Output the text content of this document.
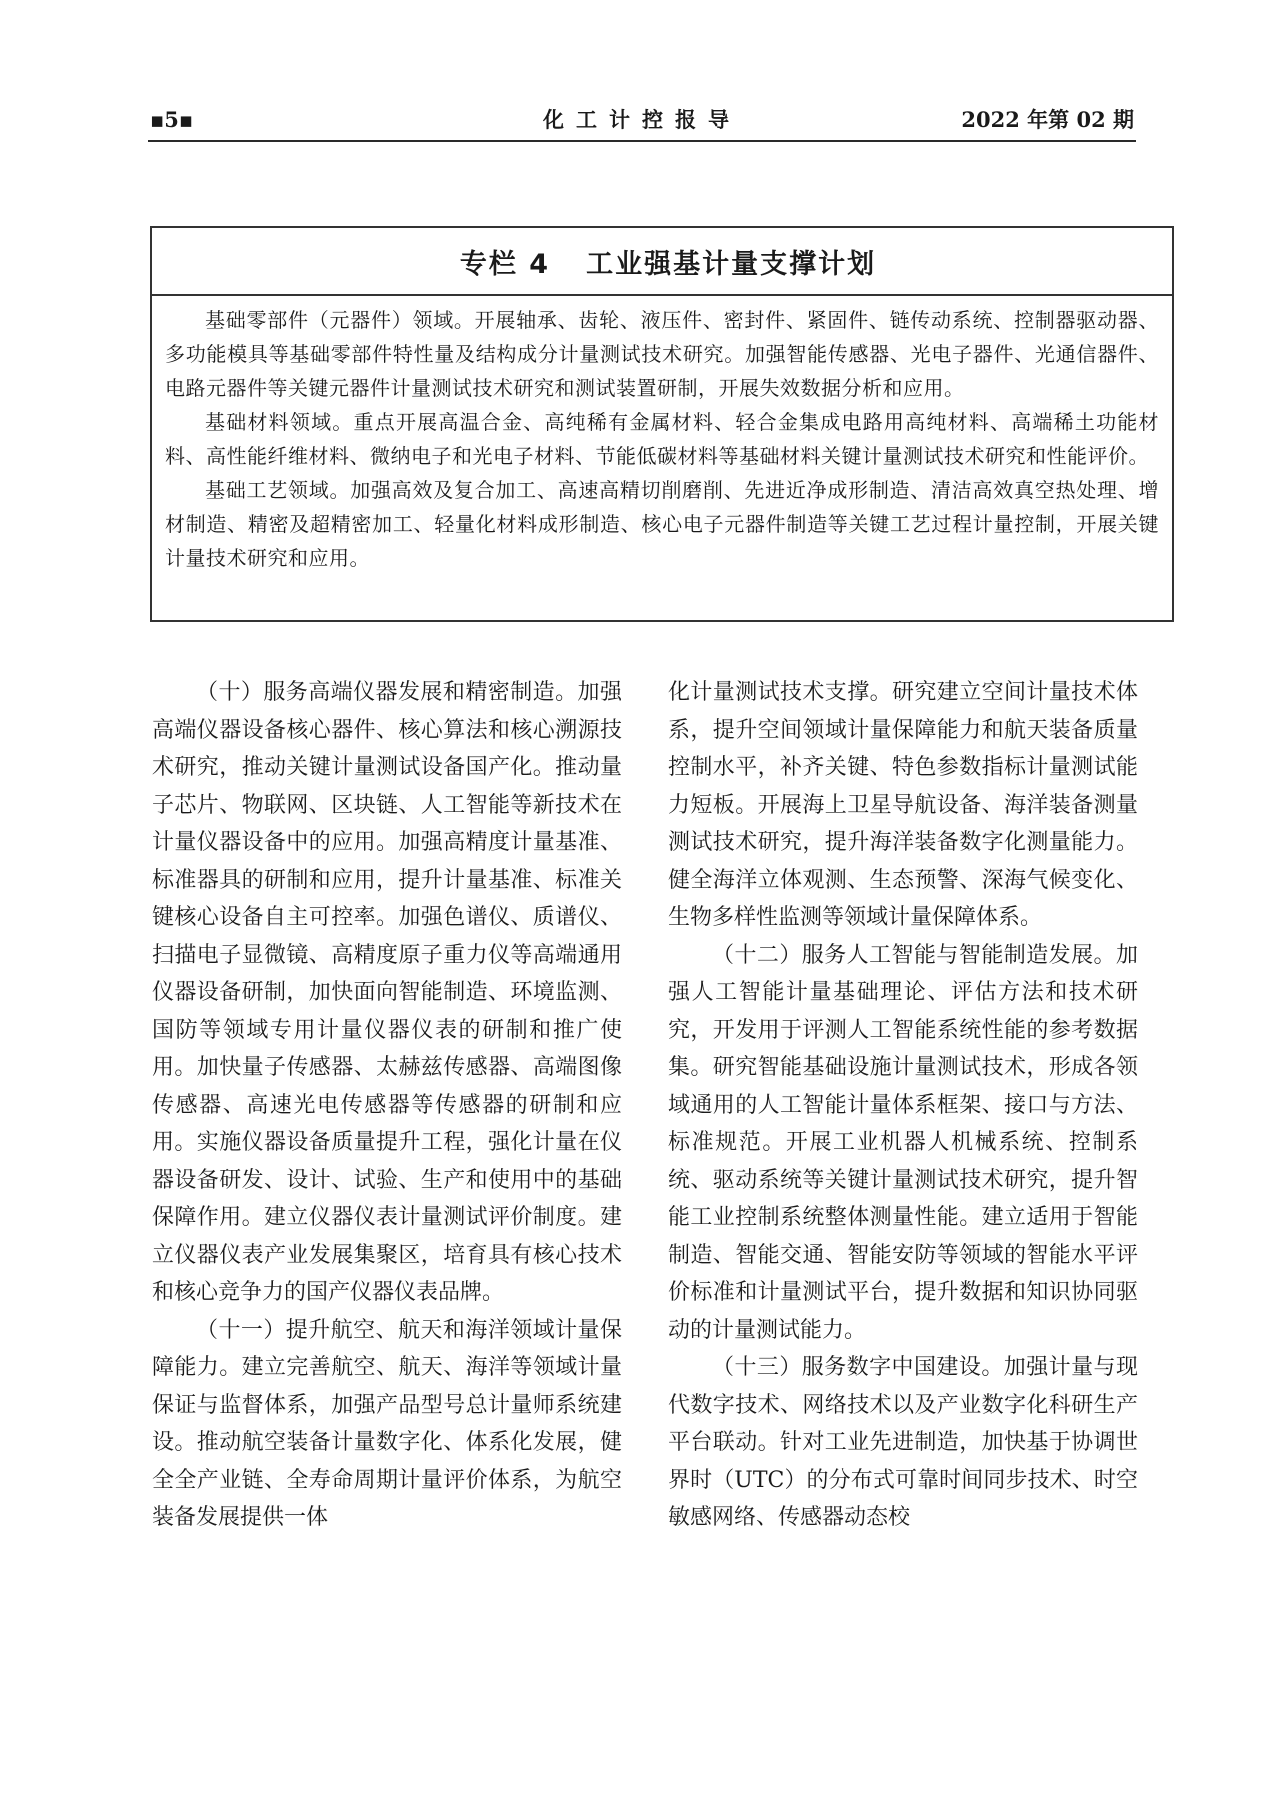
▪5▪	化工计控报导	2022 年第 02 期
专栏 4 工业强基计量支撑计划

基础零部件（元器件）领域。开展轴承、齿轮、液压件、密封件、紧固件、链传动系统、控制器驱动器、多功能模具等基础零部件特性量及结构成分计量测试技术研究。加强智能传感器、光电子器件、光通信器件、电路元器件等关键元器件计量测试技术研究和测试装置研制，开展失效数据分析和应用。

基础材料领域。重点开展高温合金、高纯稀有金属材料、轻合金集成电路用高纯材料、高端稀土功能材料、高性能纤维材料、微纳电子和光电子材料、节能低碳材料等基础材料关键计量测试技术研究和性能评价。

基础工艺领域。加强高效及复合加工、高速高精切削磨削、先进近净成形制造、清洁高效真空热处理、增材制造、精密及超精密加工、轻量化材料成形制造、核心电子元器件制造等关键工艺过程计量控制，开展关键计量技术研究和应用。

（十）服务高端仪器发展和精密制造。加强高端仪器设备核心器件、核心算法和核心溯源技术研究，推动关键计量测试设备国产化。推动量子芯片、物联网、区块链、人工智能等新技术在计量仪器设备中的应用。加强高精度计量基准、标准器具的研制和应用，提升计量基准、标准关键核心设备自主可控率。加强色谱仪、质谱仪、扫描电子显微镜、高精度原子重力仪等高端通用仪器设备研制，加快面向智能制造、环境监测、国防等领域专用计量仪器仪表的研制和推广使用。加快量子传感器、太赫兹传感器、高端图像传感器、高速光电传感器等传感器的研制和应用。实施仪器设备质量提升工程，强化计量在仪器设备研发、设计、试验、生产和使用中的基础保障作用。建立仪器仪表计量测试评价制度。建立仪器仪表产业发展集聚区，培育具有核心技术和核心竞争力的国产仪器仪表品牌。

（十一）提升航空、航天和海洋领域计量保障能力。建立完善航空、航天、海洋等领域计量保证与监督体系，加强产品型号总计量师系统建设。推动航空装备计量数字化、体系化发展，健全全产业链、全寿命周期计量评价体系，为航空装备发展提供一体

化计量测试技术支撑。研究建立空间计量技术体系，提升空间领域计量保障能力和航天装备质量控制水平，补齐关键、特色参数指标计量测试能力短板。开展海上卫星导航设备、海洋装备测量测试技术研究，提升海洋装备数字化测量能力。健全海洋立体观测、生态预警、深海气候变化、生物多样性监测等领域计量保障体系。

（十二）服务人工智能与智能制造发展。加强人工智能计量基础理论、评估方法和技术研究，开发用于评测人工智能系统性能的参考数据集。研究智能基础设施计量测试技术，形成各领域通用的人工智能计量体系框架、接口与方法、标准规范。开展工业机器人机械系统、控制系统、驱动系统等关键计量测试技术研究，提升智能工业控制系统整体测量性能。建立适用于智能制造、智能交通、智能安防等领域的智能水平评价标准和计量测试平台，提升数据和知识协同驱动的计量测试能力。

（十三）服务数字中国建设。加强计量与现代数字技术、网络技术以及产业数字化科研生产平台联动。针对工业先进制造，加快基于协调世界时（UTC）的分布式可靠时间同步技术、时空敏感网络、传感器动态校
